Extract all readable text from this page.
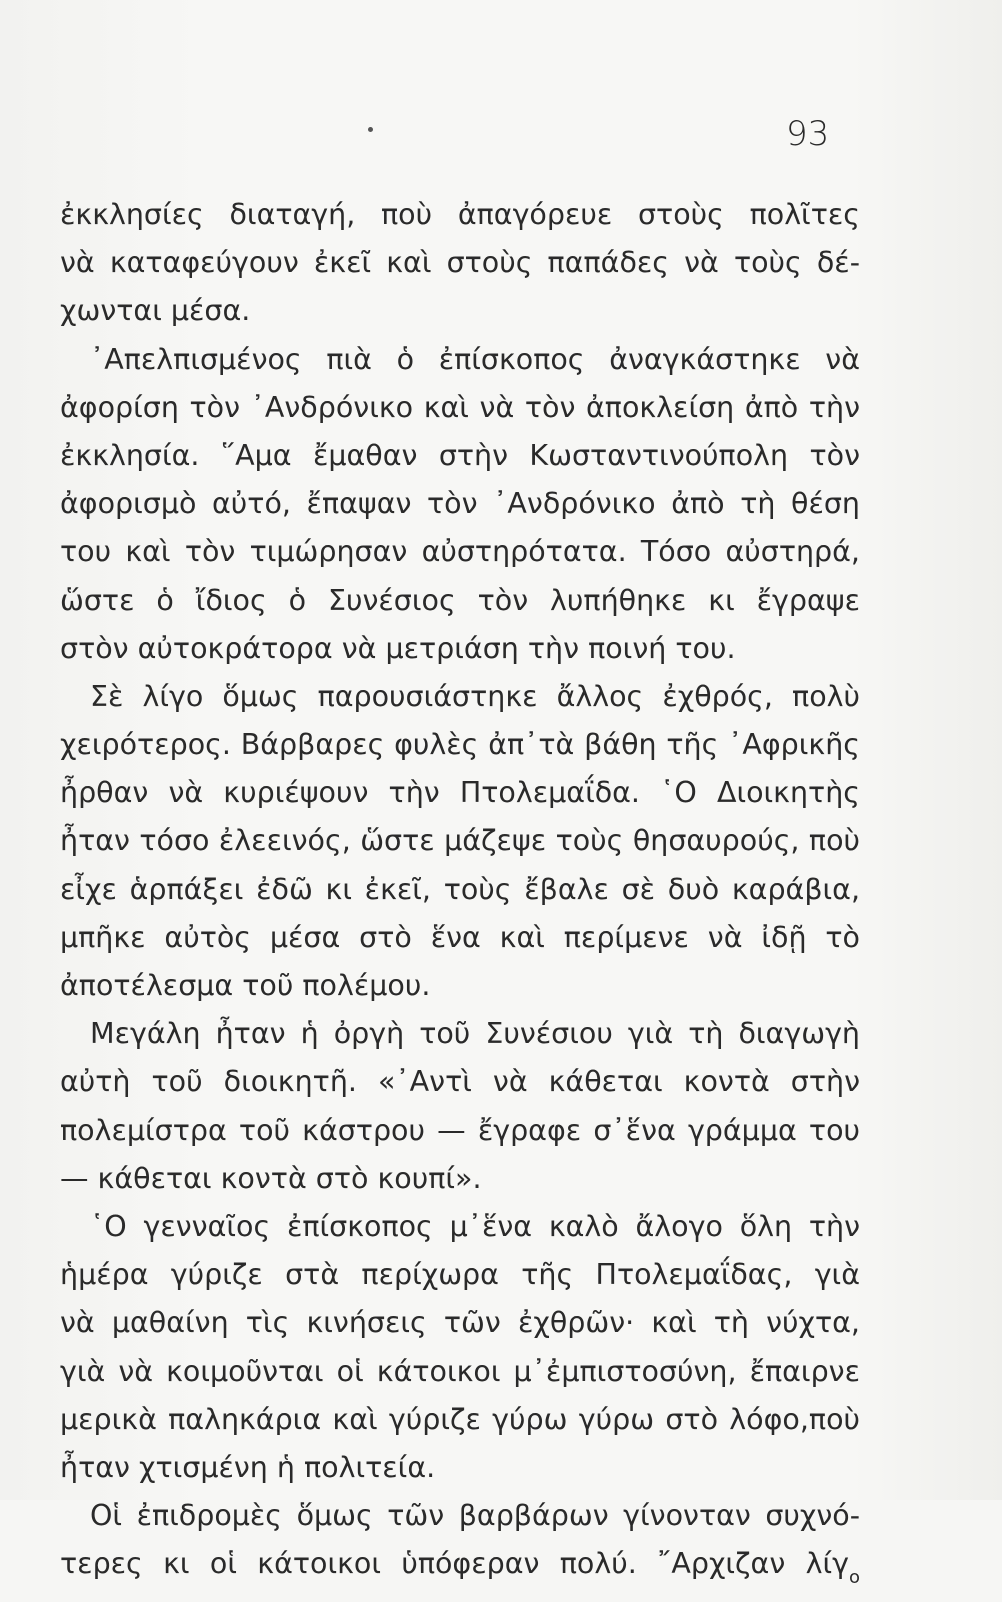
93
ἐκκλησίες διαταγή, ποὺ ἀπαγόρευε στοὺς πολῖτες
νὰ καταφεύγουν ἐκεῖ καὶ στοὺς παπάδες νὰ τοὺς δέ-
χωνται μέσα.
᾿Απελπισμένος πιὰ ὁ ἐπίσκοπος ἀναγκάστηκε νὰ
ἀφορίση τὸν ᾿Ανδρόνικο καὶ νὰ τὸν ἀποκλείση ἀπὸ τὴν
ἐκκλησία. ῞Αμα ἔμαθαν στὴν Κωσταντινούπολη τὸν
ἀφορισμὸ αὐτό, ἔπαψαν τὸν ᾿Ανδρόνικο ἀπὸ τὴ θέση
του καὶ τὸν τιμώρησαν αὐστηρότατα. Τόσο αὐστηρά,
ὥστε ὁ ἴδιος ὁ Συνέσιος τὸν λυπήθηκε κι ἔγραψε
στὸν αὐτοκράτορα νὰ μετριάση τὴν ποινή του.
Σὲ λίγο ὅμως παρουσιάστηκε ἄλλος ἐχθρός, πολὺ
χειρότερος. Βάρβαρες φυλὲς ἀπ᾿τὰ βάθη τῆς ᾿Αφρικῆς
ἦρθαν νὰ κυριέψουν τὴν Πτολεμαΐδα. ῾Ο Διοικητὴς
ἦταν τόσο ἐλεεινός, ὥστε μάζεψε τοὺς θησαυρούς, ποὺ
εἶχε ἁρπάξει ἐδῶ κι ἐκεῖ, τοὺς ἔβαλε σὲ δυὸ καράβια,
μπῆκε αὐτὸς μέσα στὸ ἕνα καὶ περίμενε νὰ ἰδῇ τὸ
ἀποτέλεσμα τοῦ πολέμου.
Μεγάλη ἦταν ἡ ὀργὴ τοῦ Συνέσιου γιὰ τὴ διαγωγὴ
αὐτὴ τοῦ διοικητῆ. «᾿Αντὶ νὰ κάθεται κοντὰ στὴν
πολεμίστρα τοῦ κάστρου — ἔγραφε σ᾿ἕνα γράμμα του
— κάθεται κοντὰ στὸ κουπί».
῾Ο γενναῖος ἐπίσκοπος μ᾿ἕνα καλὸ ἄλογο ὅλη τὴν
ἡμέρα γύριζε στὰ περίχωρα τῆς Πτολεμαΐδας, γιὰ
νὰ μαθαίνη τὶς κινήσεις τῶν ἐχθρῶν· καὶ τὴ νύχτα,
γιὰ νὰ κοιμοῦνται οἱ κάτοικοι μ᾿ἐμπιστοσύνη, ἔπαιρνε
μερικὰ παληκάρια καὶ γύριζε γύρω γύρω στὸ λόφο,ποὺ
ἦταν χτισμένη ἡ πολιτεία.
Οἱ ἐπιδρομὲς ὅμως τῶν βαρβάρων γίνονταν συχνό-
τερες κι οἱ κάτοικοι ὑπόφεραν πολύ. ῎Αρχιζαν λίγ$_o$
